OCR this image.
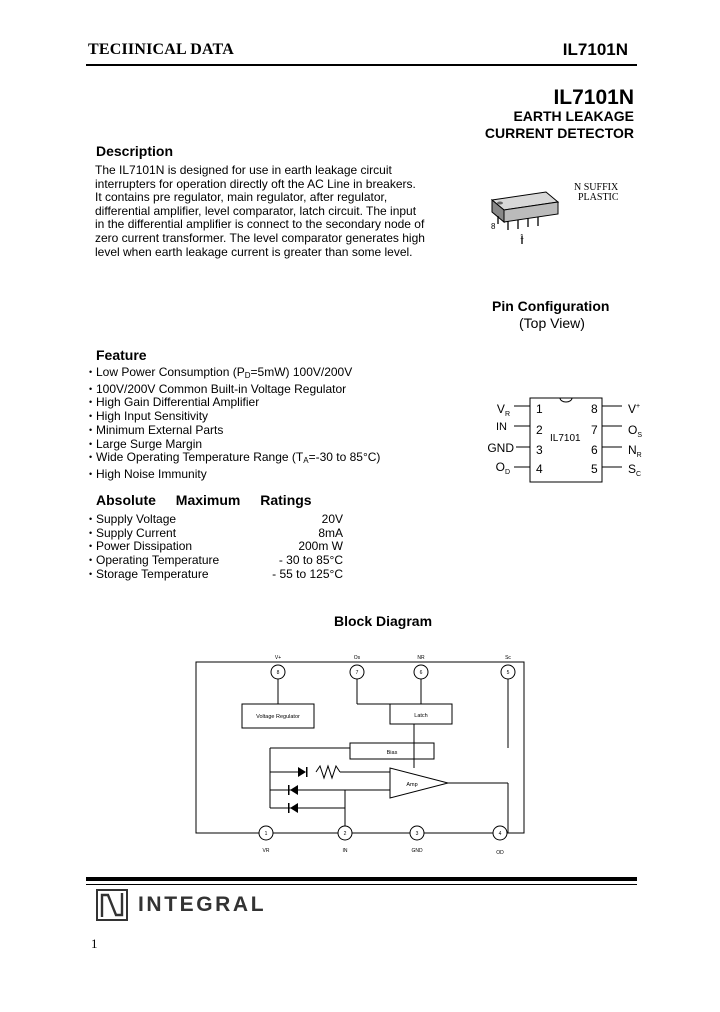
TECIINICAL DATA	IL7101N
IL7101N
EARTH LEAKAGE
CURRENT DETECTOR
Description

The IL7101N is designed for use in earth leakage circuit
interrupters for operation directly oft the AC Line in breakers.
It contains pre regulator, main regulator, after regulator,
differential amplifier, level comparator, latch circuit. The input
in the differential amplifier is connect to the secondary node of
zero current transformer. The level comparator generates high
level when earth leakage current is greater than some level.

N SUFFIX
PLASTIC
8
1
Pin Configuration
(Top View)
IL7101
1
2
3
4
8
7
6
5
$V_R$
IN
GND
$O_D$
V+
$O_S$
$N_R$
$S_C$
Feature
• Low Power Consumption $(P_D=5mW)$ 100V/200V
• 100V/200V Common Built-in Voltage Regulator
• High Gain Differential Amplifier
• High Input Sensitivity
• Minimum External Parts
• Large Surge Margin
• Wide Operating Temperature Range ($T_A=-30$ to 85°C)
• High Noise Immunity
Absolute Maximum Ratings
• Supply Voltage	20V
• Supply Current	8mA
• Power Dissipation	200m W
• Operating Temperature	- 30 to 85°C
• Storage Temperature	- 55 to 125°C
Block Diagram
Voltage Regulator	Latch
Bias
Amp
8	7	6	5
V+	Os	NR	Sc
1	2	3	4
VR	IN	GND	OD
INTEGRAL
1
